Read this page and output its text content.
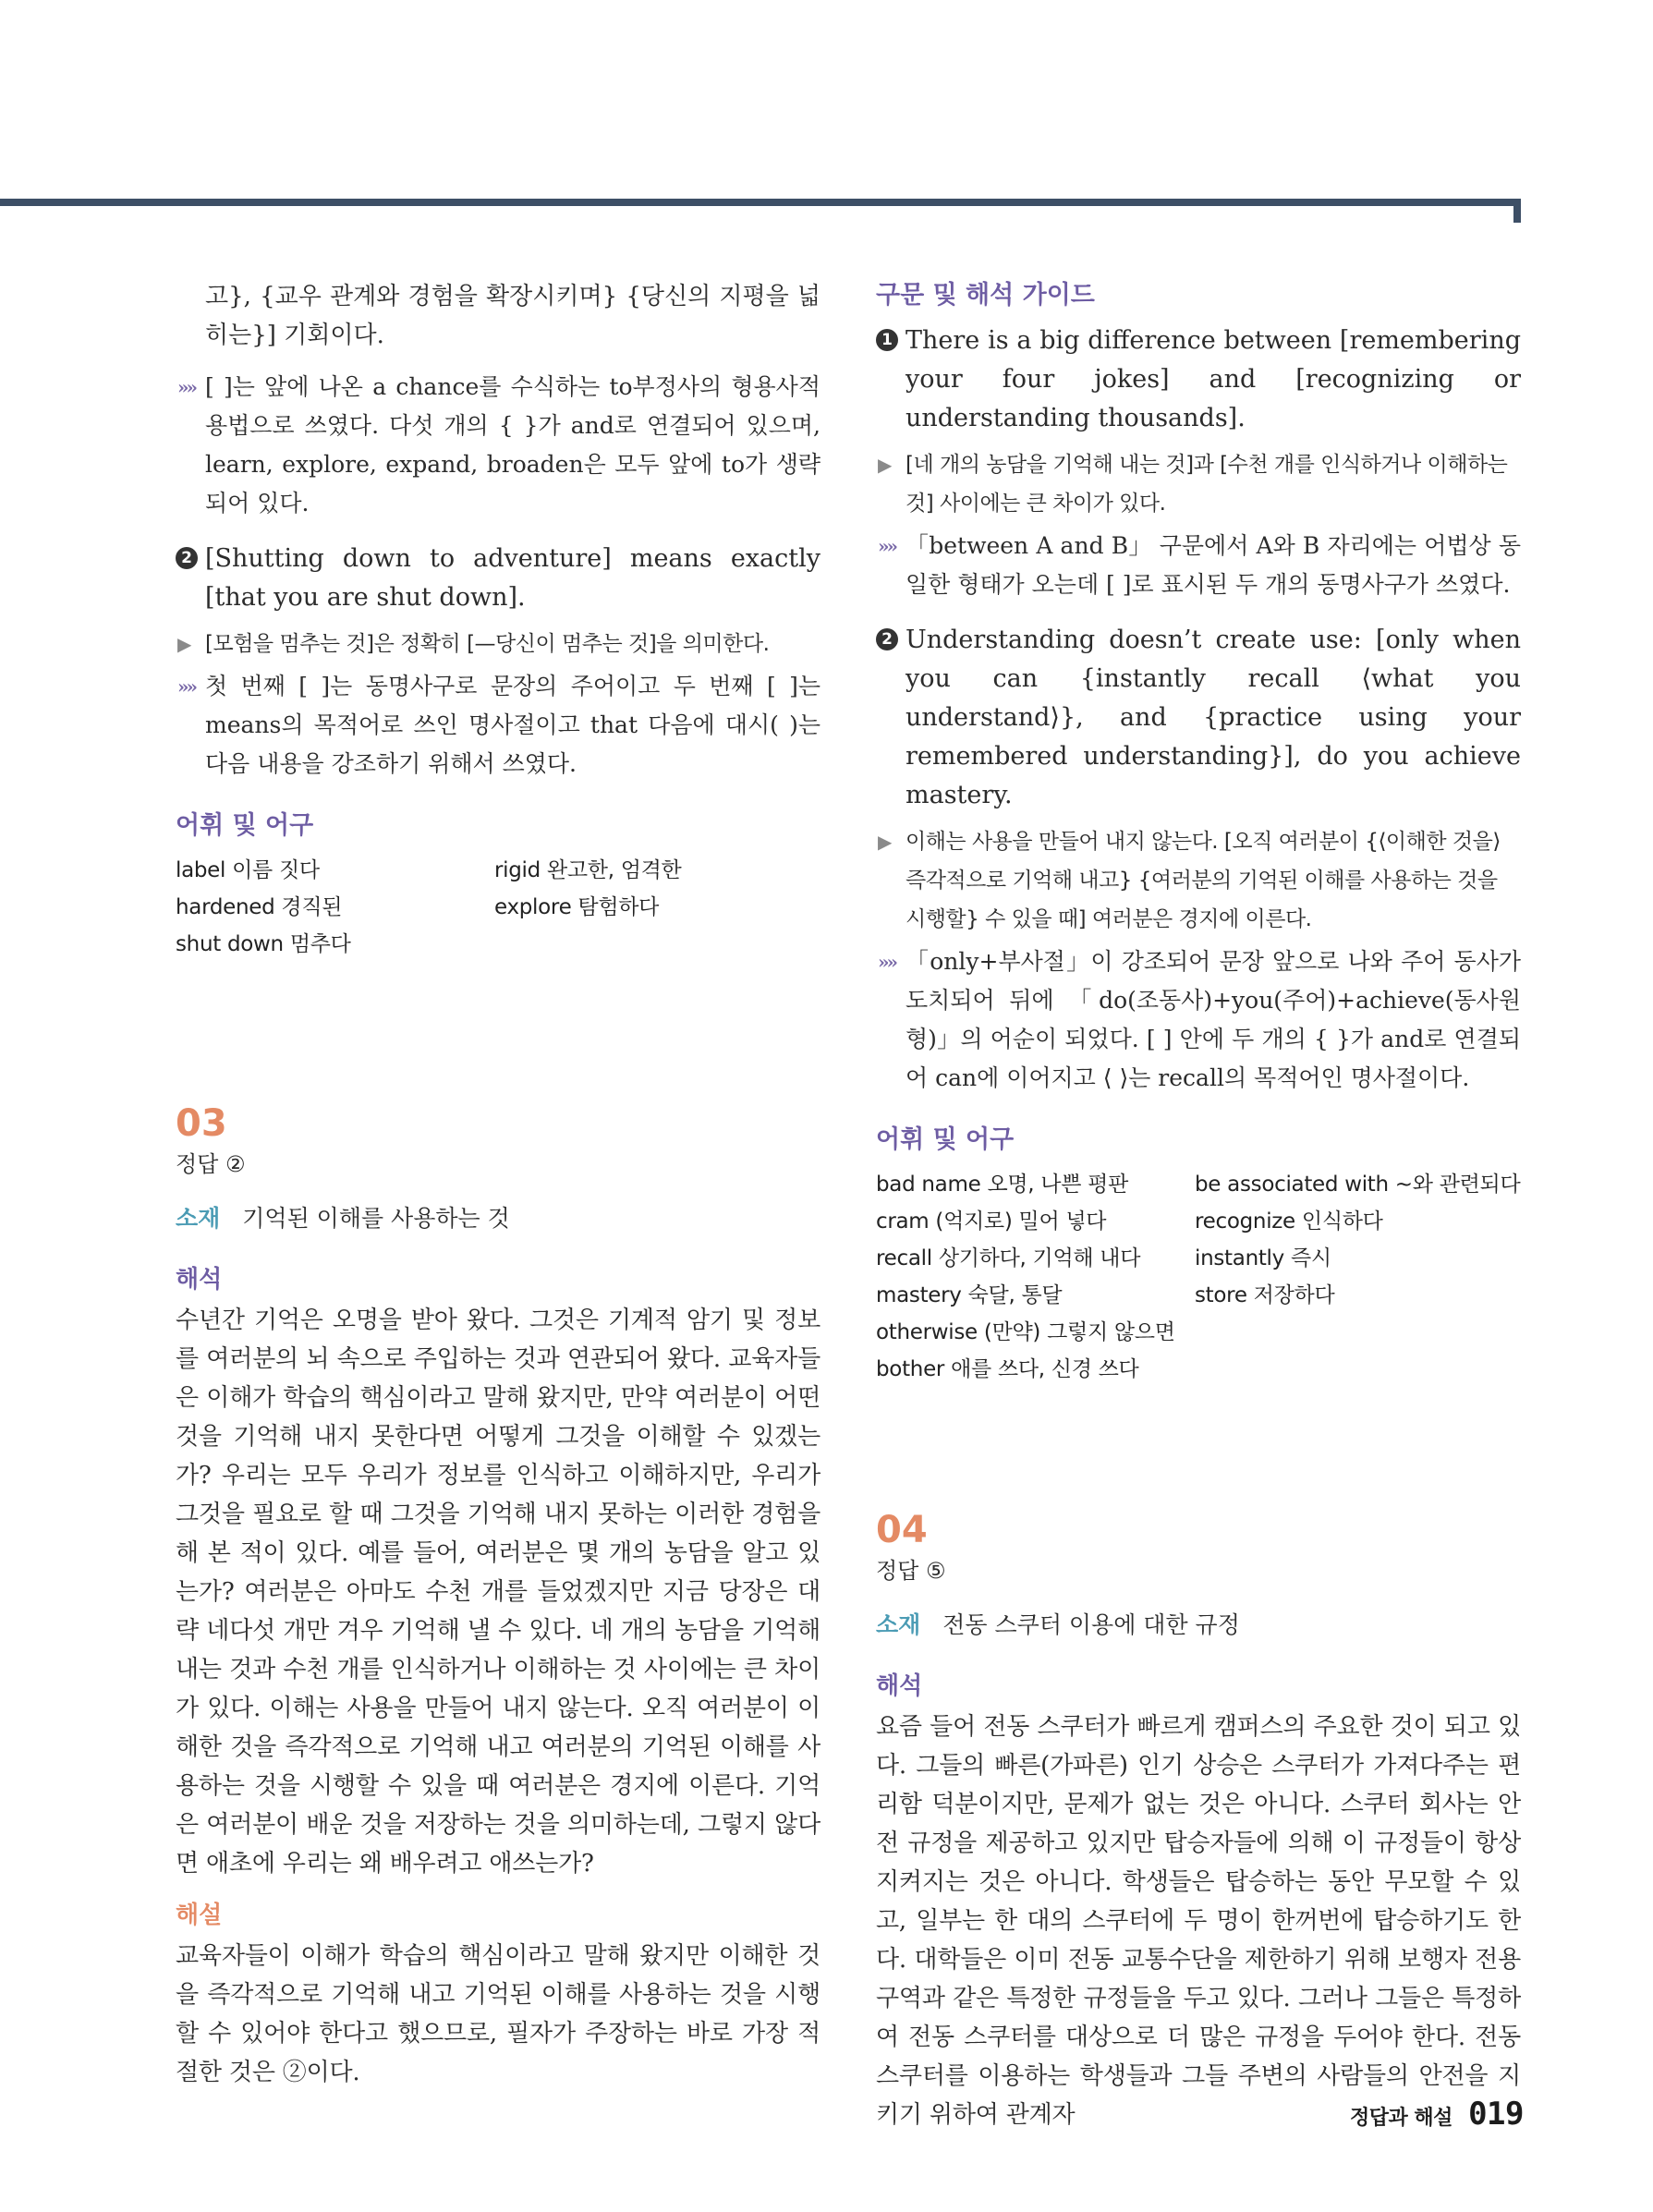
고}, {교우 관계와 경험을 확장시키며} {당신의 지평을 넓히는}] 기회이다.

»» [ ]는 앞에 나온 a chance를 수식하는 to부정사의 형용사적 용법으로 쓰였다. 다섯 개의 { }가 and로 연결되어 있으며, learn, explore, expand, broaden은 모두 앞에 to가 생략되어 있다.
2 [Shutting down to adventure] means exactly [that you are shut down].
▶ [모험을 멈추는 것]은 정확히 [—당신이 멈추는 것]을 의미한다.
»» 첫 번째 [ ]는 동명사구로 문장의 주어이고 두 번째 [ ]는 means의 목적어로 쓰인 명사절이고 that 다음에 대시( )는 다음 내용을 강조하기 위해서 쓰였다.
어휘 및 어구
label 이름 짓다	rigid 완고한, 엄격한
hardened 경직된	explore 탐험하다
shut down 멈추다
03
정답 ②
소재 기억된 이해를 사용하는 것
해석

수년간 기억은 오명을 받아 왔다. 그것은 기계적 암기 및 정보를 여러분의 뇌 속으로 주입하는 것과 연관되어 왔다. 교육자들은 이해가 학습의 핵심이라고 말해 왔지만, 만약 여러분이 어떤 것을 기억해 내지 못한다면 어떻게 그것을 이해할 수 있겠는가? 우리는 모두 우리가 정보를 인식하고 이해하지만, 우리가 그것을 필요로 할 때 그것을 기억해 내지 못하는 이러한 경험을 해 본 적이 있다. 예를 들어, 여러분은 몇 개의 농담을 알고 있는가? 여러분은 아마도 수천 개를 들었겠지만 지금 당장은 대략 네다섯 개만 겨우 기억해 낼 수 있다. 네 개의 농담을 기억해 내는 것과 수천 개를 인식하거나 이해하는 것 사이에는 큰 차이가 있다. 이해는 사용을 만들어 내지 않는다. 오직 여러분이 이해한 것을 즉각적으로 기억해 내고 여러분의 기억된 이해를 사용하는 것을 시행할 수 있을 때 여러분은 경지에 이른다. 기억은 여러분이 배운 것을 저장하는 것을 의미하는데, 그렇지 않다면 애초에 우리는 왜 배우려고 애쓰는가?

해설

교육자들이 이해가 학습의 핵심이라고 말해 왔지만 이해한 것을 즉각적으로 기억해 내고 기억된 이해를 사용하는 것을 시행할 수 있어야 한다고 했으므로, 필자가 주장하는 바로 가장 적절한 것은 ②이다.

구문 및 해석 가이드
1 There is a big difference between [remembering your four jokes] and [recognizing or understanding thousands].
▶ [네 개의 농담을 기억해 내는 것]과 [수천 개를 인식하거나 이해하는 것] 사이에는 큰 차이가 있다.
»» 「between A and B」 구문에서 A와 B 자리에는 어법상 동일한 형태가 오는데 [ ]로 표시된 두 개의 동명사구가 쓰였다.
2 Understanding doesn’t create use: [only when you can {instantly recall ⟨what you understand⟩}, and {practice using your remembered understanding}], do you achieve mastery.
▶ 이해는 사용을 만들어 내지 않는다. [오직 여러분이 {⟨이해한 것을⟩ 즉각적으로 기억해 내고} {여러분의 기억된 이해를 사용하는 것을 시행할} 수 있을 때] 여러분은 경지에 이른다.
»» 「only+부사절」이 강조되어 문장 앞으로 나와 주어 동사가 도치되어 뒤에 「do(조동사)+you(주어)+achieve(동사원형)」의 어순이 되었다. [ ] 안에 두 개의 { }가 and로 연결되어 can에 이어지고 ⟨ ⟩는 recall의 목적어인 명사절이다.
어휘 및 어구
bad name 오명, 나쁜 평판	be associated with ~와 관련되다
cram (억지로) 밀어 넣다	recognize 인식하다
recall 상기하다, 기억해 내다	instantly 즉시
mastery 숙달, 통달	store 저장하다
otherwise (만약) 그렇지 않으면
bother 애를 쓰다, 신경 쓰다
04
정답 ⑤
소재 전동 스쿠터 이용에 대한 규정
해석

요즘 들어 전동 스쿠터가 빠르게 캠퍼스의 주요한 것이 되고 있다. 그들의 빠른(가파른) 인기 상승은 스쿠터가 가져다주는 편리함 덕분이지만, 문제가 없는 것은 아니다. 스쿠터 회사는 안전 규정을 제공하고 있지만 탑승자들에 의해 이 규정들이 항상 지켜지는 것은 아니다. 학생들은 탑승하는 동안 무모할 수 있고, 일부는 한 대의 스쿠터에 두 명이 한꺼번에 탑승하기도 한다. 대학들은 이미 전동 교통수단을 제한하기 위해 보행자 전용 구역과 같은 특정한 규정들을 두고 있다. 그러나 그들은 특정하여 전동 스쿠터를 대상으로 더 많은 규정을 두어야 한다. 전동 스쿠터를 이용하는 학생들과 그들 주변의 사람들의 안전을 지키기 위하여 관계자	정답과 해설 019
